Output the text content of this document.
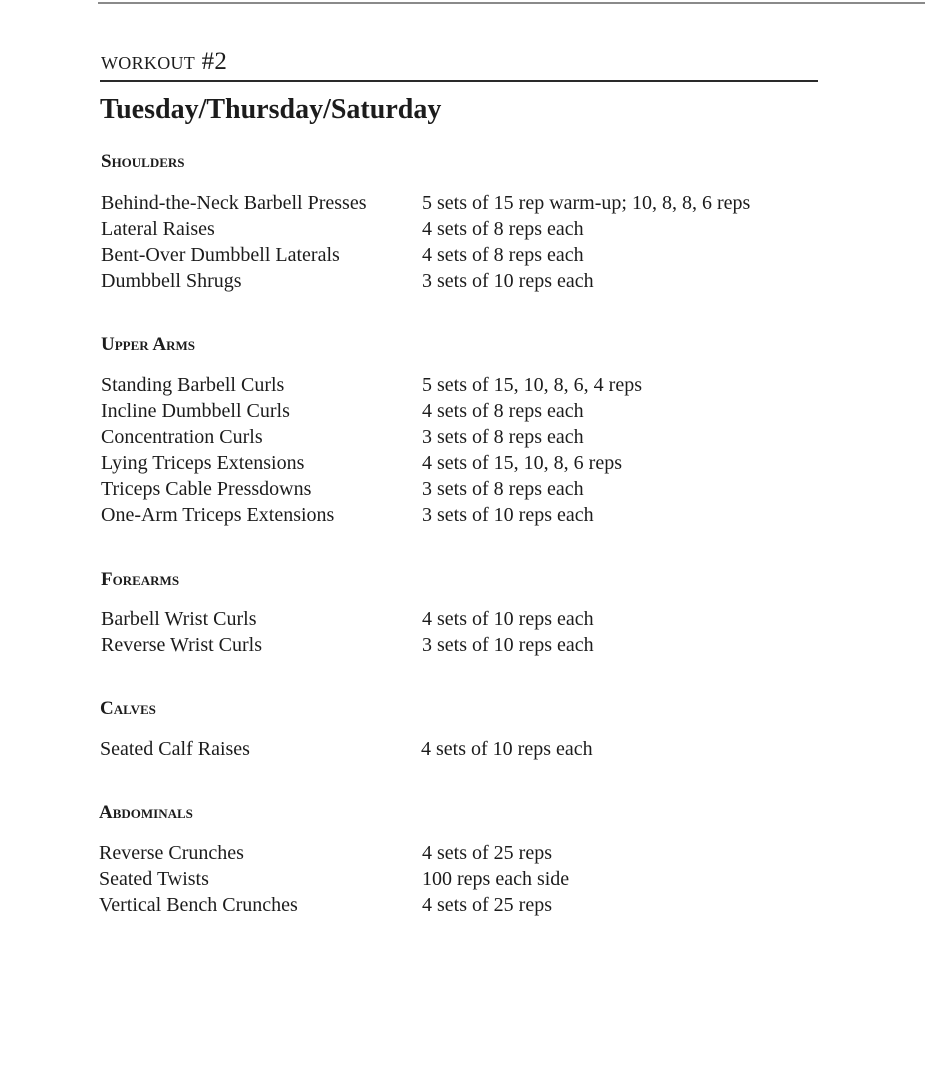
workout #2
Tuesday/Thursday/Saturday
Shoulders
Behind-the-Neck Barbell Presses	5 sets of 15 rep warm-up; 10, 8, 8, 6 reps
Lateral Raises	4 sets of 8 reps each
Bent-Over Dumbbell Laterals	4 sets of 8 reps each
Dumbbell Shrugs	3 sets of 10 reps each
Upper Arms
Standing Barbell Curls	5 sets of 15, 10, 8, 6, 4 reps
Incline Dumbbell Curls	4 sets of 8 reps each
Concentration Curls	3 sets of 8 reps each
Lying Triceps Extensions	4 sets of 15, 10, 8, 6 reps
Triceps Cable Pressdowns	3 sets of 8 reps each
One-Arm Triceps Extensions	3 sets of 10 reps each
Forearms
Barbell Wrist Curls	4 sets of 10 reps each
Reverse Wrist Curls	3 sets of 10 reps each
Calves
Seated Calf Raises	4 sets of 10 reps each
Abdominals
Reverse Crunches	4 sets of 25 reps
Seated Twists	100 reps each side
Vertical Bench Crunches	4 sets of 25 reps
